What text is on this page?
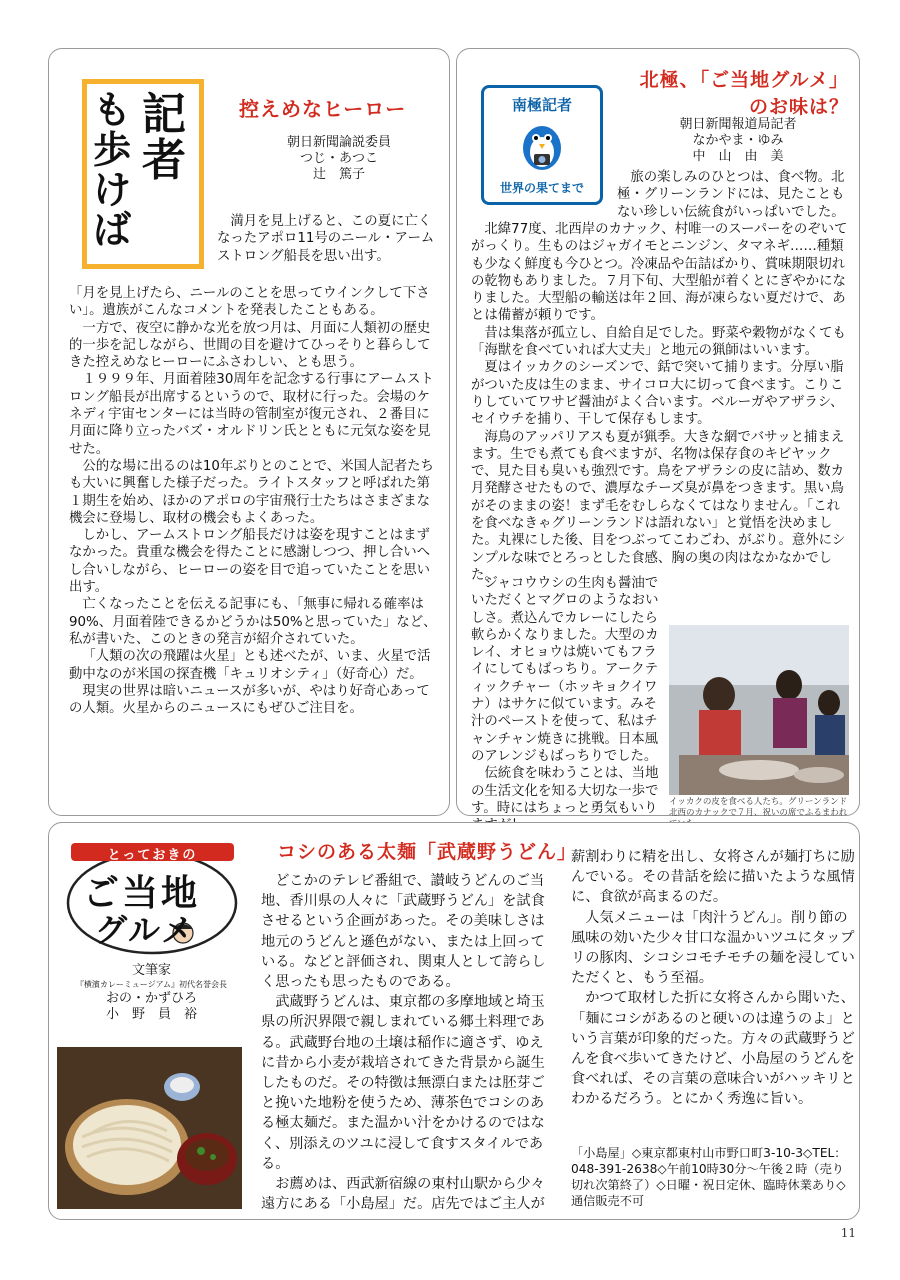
記
者
も
歩
け
ば
控えめなヒーロー
朝日新聞論説委員
つじ・あつこ
辻　篤子

満月を見上げると、この夏に亡くなったアポロ11号のニール・アームストロング船長を思い出す。

「月を見上げたら、ニールのことを思ってウインクして下さい」。遺族がこんなコメントを発表したこともある。

一方で、夜空に静かな光を放つ月は、月面に人類初の歴史的一歩を記しながら、世間の目を避けてひっそりと暮らしてきた控えめなヒーローにふさわしい、とも思う。

１９９９年、月面着陸30周年を記念する行事にアームストロング船長が出席するというので、取材に行った。会場のケネディ宇宙センターには当時の管制室が復元され、２番目に月面に降り立ったバズ・オルドリン氏とともに元気な姿を見せた。

公的な場に出るのは10年ぶりとのことで、米国人記者たちも大いに興奮した様子だった。ライトスタッフと呼ばれた第１期生を始め、ほかのアポロの宇宙飛行士たちはさまざまな機会に登場し、取材の機会もよくあった。

しかし、アームストロング船長だけは姿を現すことはまずなかった。貴重な機会を得たことに感謝しつつ、押し合いへし合いしながら、ヒーローの姿を目で追っていたことを思い出す。

亡くなったことを伝える記事にも、「無事に帰れる確率は90%、月面着陸できるかどうかは50%と思っていた」など、私が書いた、このときの発言が紹介されていた。

「人類の次の飛躍は火星」とも述べたが、いま、火星で活動中なのが米国の探査機「キュリオシティ」（好奇心）だ。

現実の世界は暗いニュースが多いが、やはり好奇心あっての人類。火星からのニュースにもぜひご注目を。

南極記者
世界の果てまで
北極、「ご当地グルメ」
のお味は？
朝日新聞報道局記者
なかやま・ゆみ
中　山　由　美

旅の楽しみのひとつは、食べ物。北極・グリーンランドには、見たこともない珍しい伝統食がいっぱいでした。

北緯77度、北西岸のカナック、村唯一のスーパーをのぞいてがっくり。生ものはジャガイモとニンジン、タマネギ……種類も少なく鮮度も今ひとつ。冷凍品や缶詰ばかり、賞味期限切れの乾物もありました。７月下旬、大型船が着くとにぎやかになりました。大型船の輸送は年２回、海が凍らない夏だけで、あとは備蓄が頼りです。

昔は集落が孤立し、自給自足でした。野菜や穀物がなくても「海獣を食べていれば大丈夫」と地元の猟師はいいます。

夏はイッカクのシーズンで、銛で突いて捕ります。分厚い脂がついた皮は生のまま、サイコロ大に切って食べます。こりこりしていてワサビ醤油がよく合います。ベルーガやアザラシ、セイウチを捕り、干して保存もします。

海鳥のアッパリアスも夏が猟季。大きな網でバサッと捕まえます。生でも煮ても食べますが、名物は保存食のキビヤックで、見た目も臭いも強烈です。鳥をアザラシの皮に詰め、数カ月発酵させたもので、濃厚なチーズ臭が鼻をつきます。黒い鳥がそのままの姿！まず毛をむしらなくてはなりません。「これを食べなきゃグリーンランドは語れない」と覚悟を決めました。丸裸にした後、目をつぶってこわごわ、がぶり。意外にシンプルな味でとろっとした食感、胸の奥の肉はなかなかでした。

ジャコウウシの生肉も醤油でいただくとマグロのようなおいしさ。煮込んでカレーにしたら軟らかくなりました。大型のカレイ、オヒョウは焼いてもフライにしてもばっちり。アークティックチャー（ホッキョクイワナ）はサケに似ています。みそ汁のペーストを使って、私はチャンチャン焼きに挑戦。日本風のアレンジもばっちりでした。

伝統食を味わうことは、当地の生活文化を知る大切な一歩です。時にはちょっと勇気もいり	イッカクの皮を食べる人たち。グリーンランド北西のカナックで７月、祝いの席でふるまわれ
とっておきの
ご当地
グルメ
文筆家
『横濱カレーミュージアム』初代名誉会長
おの・かずひろ
小　野　員　裕
コシのある太麺「武蔵野うどん」

どこかのテレビ番組で、讃岐うどんのご当地、香川県の人々に「武蔵野うどん」を試食させるという企画があった。その美味しさは地元のうどんと遜色がない、または上回っている。などと評価され、関東人として誇らしく思ったも思ったものである。

武蔵野うどんは、東京都の多摩地域と埼玉県の所沢界隈で親しまれている郷土料理である。武蔵野台地の土壌は稲作に適さず、ゆえに昔から小麦が栽培されてきた背景から誕生したものだ。その特徴は無漂白または胚芽ごと挽いた地粉を使うため、薄茶色でコシのある極太麺だ。また温かい汁をかけるのではなく、別添えのツユに浸して食すスタイルである。

お薦めは、西武新宿線の東村山駅から少々遠方にある「小島屋」だ。店先ではご主人が

薪割わりに精を出し、女将さんが麺打ちに励んでいる。その昔話を絵に描いたような風情に、食欲が高まるのだ。

人気メニューは「肉汁うどん」。削り節の風味の効いた少々甘口な温かいツユにタップリの豚肉、シコシコモチモチの麺を浸していただくと、もう至福。

かつて取材した折に女将さんから聞いた、「麺にコシがあるのと硬いのは違うのよ」という言葉が印象的だった。方々の武蔵野うどんを食べ歩いてきたけど、小島屋のうどんを食べれば、その言葉の意味合いがハッキリとわかるだろう。とにかく秀逸に旨い。

「小島屋」◇東京都東村山市野口町3-10-3◇TEL：048-391-2638◇午前10時30分～午後２時（売り切れ次第終了）◇日曜・祝日定休、臨時休業あり◇通信販売不可
11
